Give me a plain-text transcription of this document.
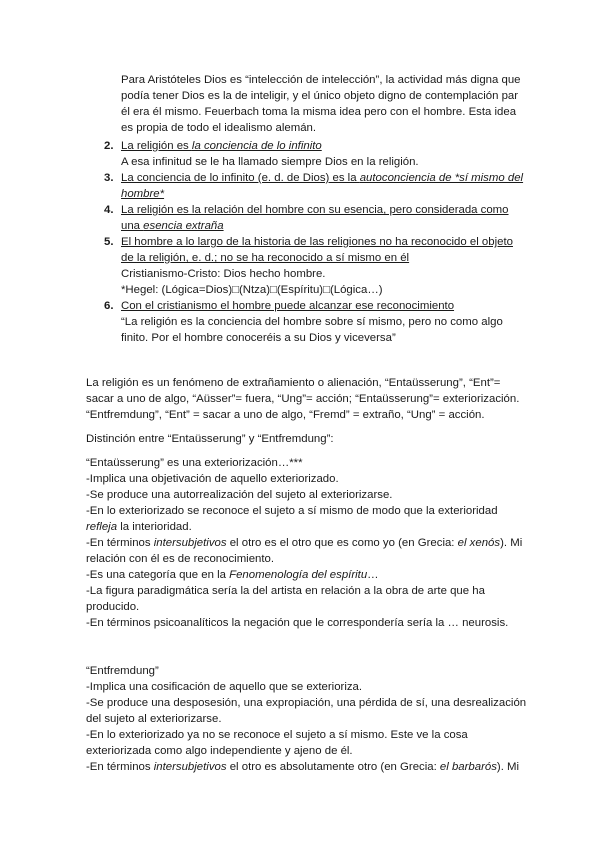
Para Aristóteles Dios es “intelección de intelección”, la actividad más digna que
podía tener Dios es la de inteligir, y el único objeto digno de contemplación par
él era él mismo. Feuerbach toma la misma idea pero con el hombre. Esta idea
es propia de todo el idealismo alemán.
2. La religión es la conciencia de lo infinito
A esa infinitud se le ha llamado siempre Dios en la religión.
3. La conciencia de lo infinito (e. d. de Dios) es la autoconciencia de *sí mismo del
hombre*
4. La religión es la relación del hombre con su esencia, pero considerada como
una esencia extraña
5. El hombre a lo largo de la historia de las religiones no ha reconocido el objeto
de la religión, e. d.; no se ha reconocido a sí mismo en él
Cristianismo-Cristo: Dios hecho hombre.
*Hegel: (Lógica=Dios)□(Ntza)□(Espíritu)□(Lógica…)
6. Con el cristianismo el hombre puede alcanzar ese reconocimiento
“La religión es la conciencia del hombre sobre sí mismo, pero no como algo
finito. Por el hombre conoceréis a su Dios y viceversa”
La religión es un fenómeno de extrañamiento o alienación, “Entaüsserung”, “Ent”=
sacar a uno de algo, “Aüsser”= fuera, “Ung”= acción; “Entaüsserung”= exteriorización.
“Entfremdung”, “Ent” = sacar a uno de algo, “Fremd” = extraño, “Ung” = acción.
Distinción entre “Entaüsserung” y “Entfremdung”:
“Entaüsserung” es una exteriorización…***
-Implica una objetivación de aquello exteriorizado.
-Se produce una autorrealización del sujeto al exteriorizarse.
-En lo exteriorizado se reconoce el sujeto a sí mismo de modo que la exterioridad
refleja la interioridad.
-En términos intersubjetivos el otro es el otro que es como yo (en Grecia: el xenós). Mi
relación con él es de reconocimiento.
-Es una categoría que en la Fenomenología del espíritu…
-La figura paradigmática sería la del artista en relación a la obra de arte que ha
producido.
-En términos psicoanalíticos la negación que le correspondería sería la … neurosis.
“Entfremdung”
-Implica una cosificación de aquello que se exterioriza.
-Se produce una desposesión, una expropiación, una pérdida de sí, una desrealización
del sujeto al exteriorizarse.
-En lo exteriorizado ya no se reconoce el sujeto a sí mismo. Este ve la cosa
exteriorizada como algo independiente y ajeno de él.
-En términos intersubjetivos el otro es absolutamente otro (en Grecia: el barbarós). Mi
